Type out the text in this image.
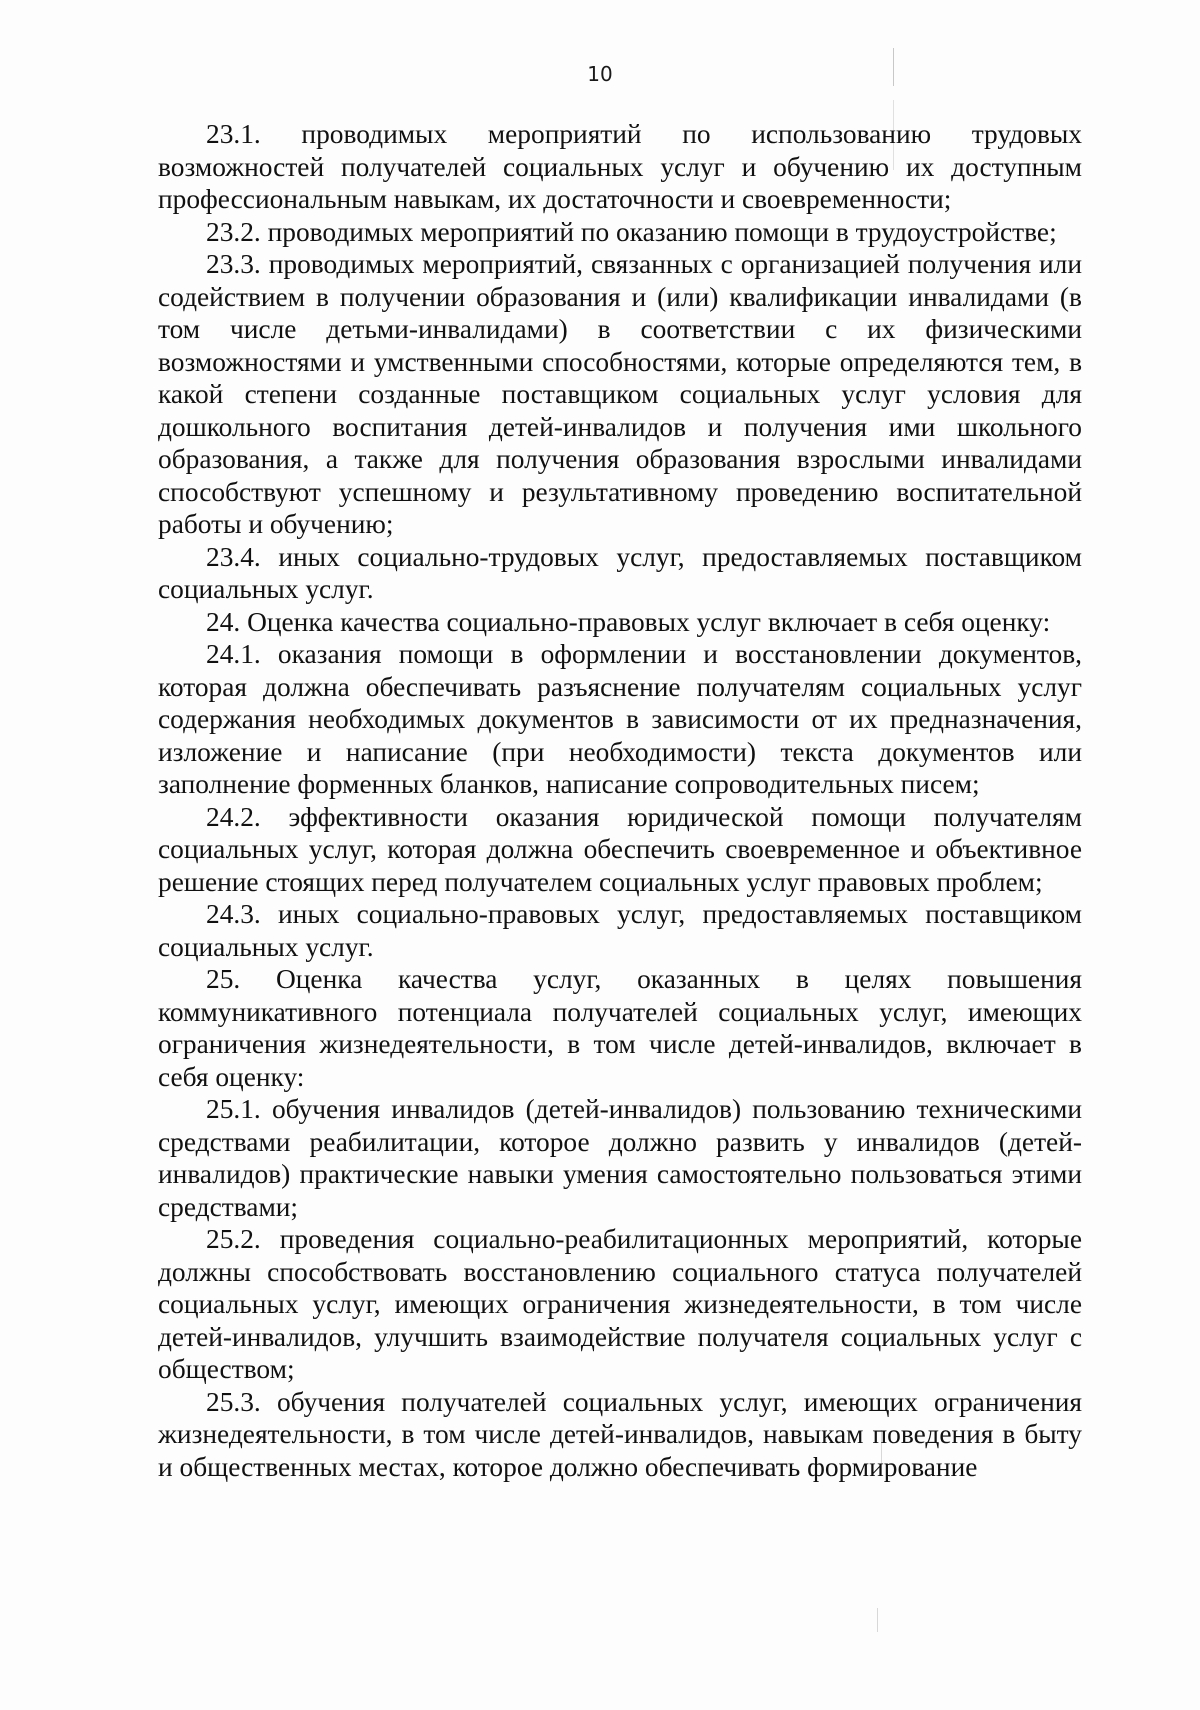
10

23.1. проводимых мероприятий по использованию трудовых возможностей получателей социальных услуг и обучению их доступным профессиональным навыкам, их достаточности и своевременности;

23.2. проводимых мероприятий по оказанию помощи в трудоустройстве;

23.3. проводимых мероприятий, связанных с организацией получения или содействием в получении образования и (или) квалификации инвалидами (в том числе детьми-инвалидами) в соответствии с их физическими возможностями и умственными способностями, которые определяются тем, в какой степени созданные поставщиком социальных услуг условия для дошкольного воспитания детей-инвалидов и получения ими школьного образования, а также для получения образования взрослыми инвалидами способствуют успешному и результативному проведению воспитательной работы и обучению;

23.4. иных социально-трудовых услуг, предоставляемых поставщиком социальных услуг.

24. Оценка качества социально-правовых услуг включает в себя оценку:

24.1. оказания помощи в оформлении и восстановлении документов, которая должна обеспечивать разъяснение получателям социальных услуг содержания необходимых документов в зависимости от их предназначения, изложение и написание (при необходимости) текста документов или заполнение форменных бланков, написание сопроводительных писем;

24.2. эффективности оказания юридической помощи получателям социальных услуг, которая должна обеспечить своевременное и объективное решение стоящих перед получателем социальных услуг правовых проблем;

24.3. иных социально-правовых услуг, предоставляемых поставщиком социальных услуг.

25. Оценка качества услуг, оказанных в целях повышения коммуникативного потенциала получателей социальных услуг, имеющих ограничения жизнедеятельности, в том числе детей-инвалидов, включает в себя оценку:

25.1. обучения инвалидов (детей-инвалидов) пользованию техническими средствами реабилитации, которое должно развить у инвалидов (детей-инвалидов) практические навыки умения самостоятельно пользоваться этими средствами;

25.2. проведения социально-реабилитационных мероприятий, которые должны способствовать восстановлению социального статуса получателей социальных услуг, имеющих ограничения жизнедеятельности, в том числе детей-инвалидов, улучшить взаимодействие получателя социальных услуг с обществом;

25.3. обучения получателей социальных услуг, имеющих ограничения жизнедеятельности, в том числе детей-инвалидов, навыкам поведения в быту и общественных местах, которое должно обеспечивать формирование
